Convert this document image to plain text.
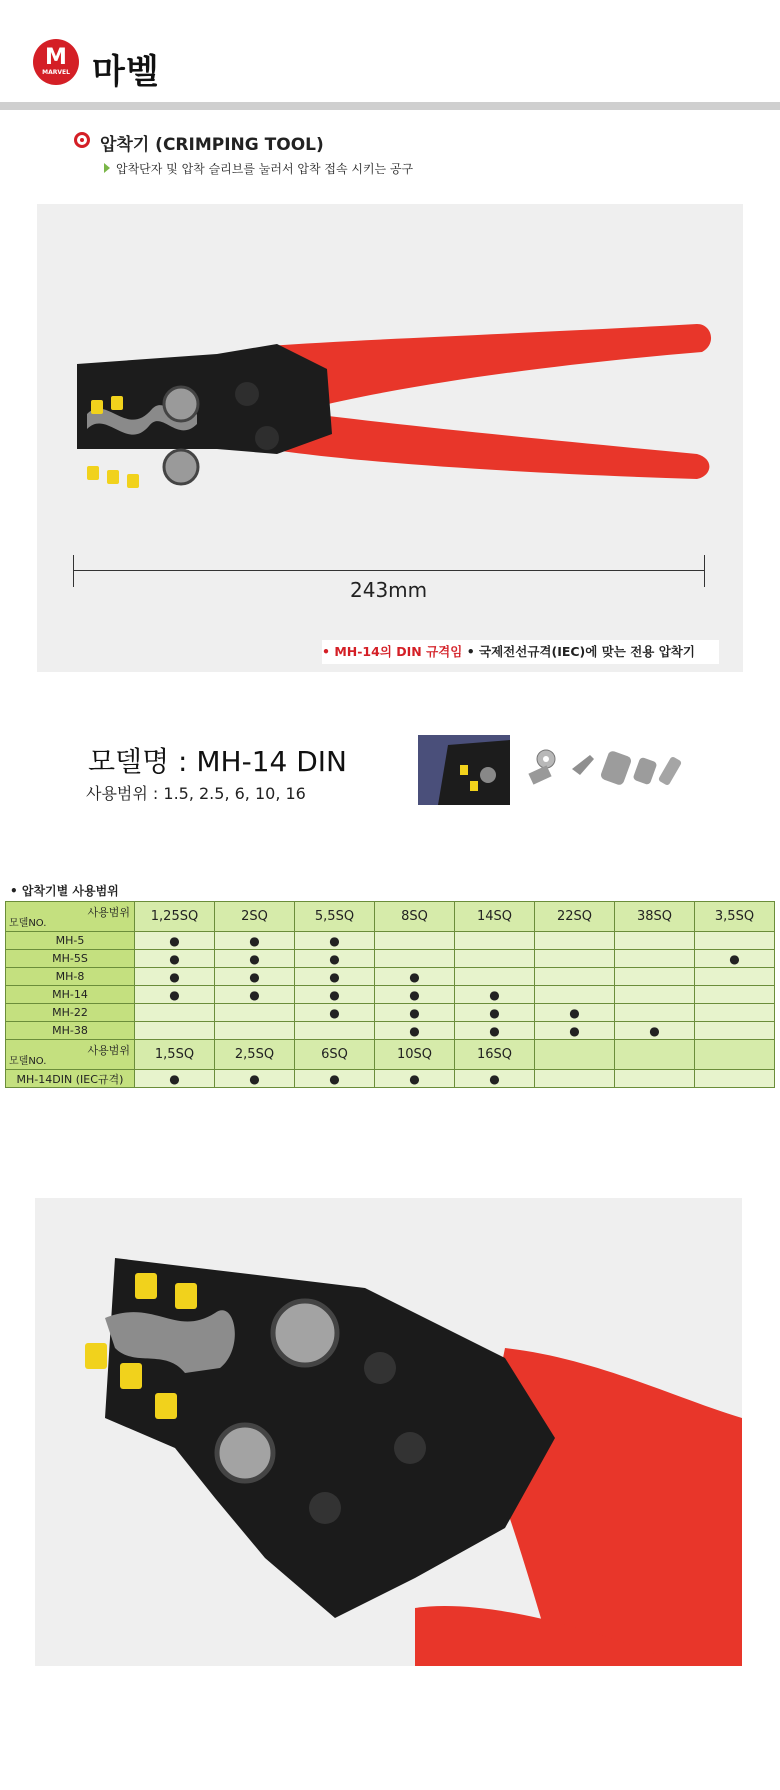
M
MARVEL 마벨
압착기 (CRIMPING TOOL)
압착단자 및 압착 슬리브를 눌러서 압착 접속 시키는 공구
243mm
• MH-14의 DIN 규격임 • 국제전선규격(IEC)에 맞는 전용 압착기
모델명 : MH-14 DIN
사용범위 : 1.5, 2.5, 6, 10, 16
• 압착기별 사용범위
사용범위
모델NO.	1,25SQ	2SQ	5,5SQ	8SQ	14SQ	22SQ	38SQ	3,5SQ
MH-5	●	●	●					
MH-5S	●	●	●					●
MH-8	●	●	●	●				
MH-14	●	●	●	●	●			
MH-22			●	●	●	●		
MH-38				●	●	●	●	

사용범위
모델NO.	1,5SQ	2,5SQ	6SQ	10SQ	16SQ			
MH-14DIN (IEC규격)	●	●	●	●	●			
